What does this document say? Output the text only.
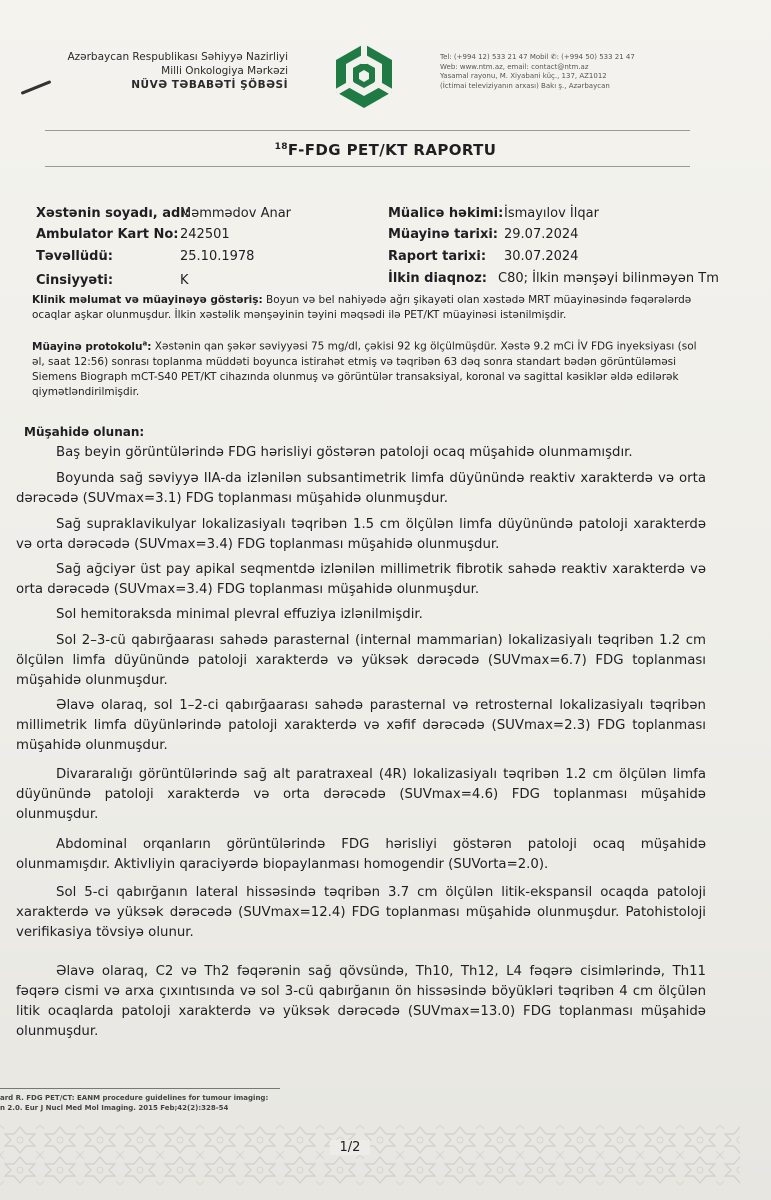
Azərbaycan Respublikası Səhiyyə Nazirliyi
Milli Onkologiya Mərkəzi
NÜVƏ TƏBABƏTİ ŞÖBƏSİ
Tel: (+994 12) 533 21 47 Mobil ✆: (+994 50) 533 21 47
Web: www.ntm.az, email: contact@ntm.az
Yasamal rayonu, M. Xiyabani küç., 137, AZ1012
(İctimai televiziyanın arxası) Bakı ş., Azərbaycan
$^{18}$F-FDG PET/KT RAPORTU
Xəstənin soyadı, adı:
Məmmədov Anar
Ambulator Kart No: 242501
Təvəllüdü:	25.10.1978
Cinsiyyəti:	K
Müalicə həkimi: İsmayılov İlqar
Müayinə tarixi: 29.07.2024
Raport tarixi: 30.07.2024
İlkin diaqnoz: C80; İlkin mənşəyi bilinməyən Tm

Klinik məlumat və müayinəyə göstəriş: Boyun və bel nahiyədə ağrı şikayəti olan xəstədə MRT müayinəsində fəqərələrdə ocaqlar aşkar olunmuşdur. İlkin xəstəlik mənşəyinin təyini məqsədi ilə PET/KT müayinəsi istənilmişdir.

Müayinə protokolu$^a$: Xəstənin qan şəkər səviyyəsi 75 mg/dl, çəkisi 92 kg ölçülmüşdür. Xəstə 9.2 mCi İV FDG inyeksiyası (sol əl, saat 12:56) sonrası toplanma müddəti boyunca istirahət etmiş və təqribən 63 dəq sonra standart bədən görüntüləməsi Siemens Biograph mCT-S40 PET/KT cihazında olunmuş və görüntülər transaksiyal, koronal və sagittal kəsiklər əldə edilərək qiymətləndirilmişdir.

Müşahidə olunan:

Baş beyin görüntülərində FDG hərisliyi göstərən patoloji ocaq müşahidə olunmamışdır.

Boyunda sağ səviyyə IIA-da izlənilən subsantimetrik limfa düyünündə reaktiv xarakterdə və orta dərəcədə (SUVmax=3.1) FDG toplanması müşahidə olunmuşdur.

Sağ supraklavikulyar lokalizasiyalı təqribən 1.5 cm ölçülən limfa düyünündə patoloji xarakterdə və orta dərəcədə (SUVmax=3.4) FDG toplanması müşahidə olunmuşdur.

Sağ ağciyər üst pay apikal seqmentdə izlənilən millimetrik fibrotik sahədə reaktiv xarakterdə və orta dərəcədə (SUVmax=3.4) FDG toplanması müşahidə olunmuşdur.

Sol hemitoraksda minimal plevral effuziya izlənilmişdir.

Sol 2–3-cü qabırğaarası sahədə parasternal (internal mammarian) lokalizasiyalı təqribən 1.2 cm ölçülən limfa düyünündə patoloji xarakterdə və yüksək dərəcədə (SUVmax=6.7) FDG toplanması müşahidə olunmuşdur.

Əlavə olaraq, sol 1–2-ci qabırğaarası sahədə parasternal və retrosternal lokalizasiyalı təqribən millimetrik limfa düyünlərində patoloji xarakterdə və xəfif dərəcədə (SUVmax=2.3) FDG toplanması müşahidə olunmuşdur.

Divararalığı görüntülərində sağ alt paratraxeal (4R) lokalizasiyalı təqribən 1.2 cm ölçülən limfa düyünündə patoloji xarakterdə və orta dərəcədə (SUVmax=4.6) FDG toplanması müşahidə olunmuşdur.

Abdominal orqanların görüntülərində FDG hərisliyi göstərən patoloji ocaq müşahidə olunmamışdır. Aktivliyin qaraciyərdə biopaylanması homogendir (SUVorta=2.0).

Sol 5-ci qabırğanın lateral hissəsində təqribən 3.7 cm ölçülən litik-ekspansil ocaqda patoloji xarakterdə və yüksək dərəcədə (SUVmax=12.4) FDG toplanması müşahidə olunmuşdur. Patohistoloji verifikasiya tövsiyə olunur.

Əlavə olaraq, C2 və Th2 fəqərənin sağ qövsündə, Th10, Th12, L4 fəqərə cisimlərində, Th11 fəqərə cismi və arxa çıxıntısında və sol 3-cü qabırğanın ön hissəsində böyükləri təqribən 4 cm ölçülən litik ocaqlarda patoloji xarakterdə və yüksək dərəcədə (SUVmax=13.0) FDG toplanması müşahidə olunmuşdur.

ard R. FDG PET/CT: EANM procedure guidelines for tumour imaging:
n 2.0. Eur J Nucl Med Mol Imaging. 2015 Feb;42(2):328-54
1/2
